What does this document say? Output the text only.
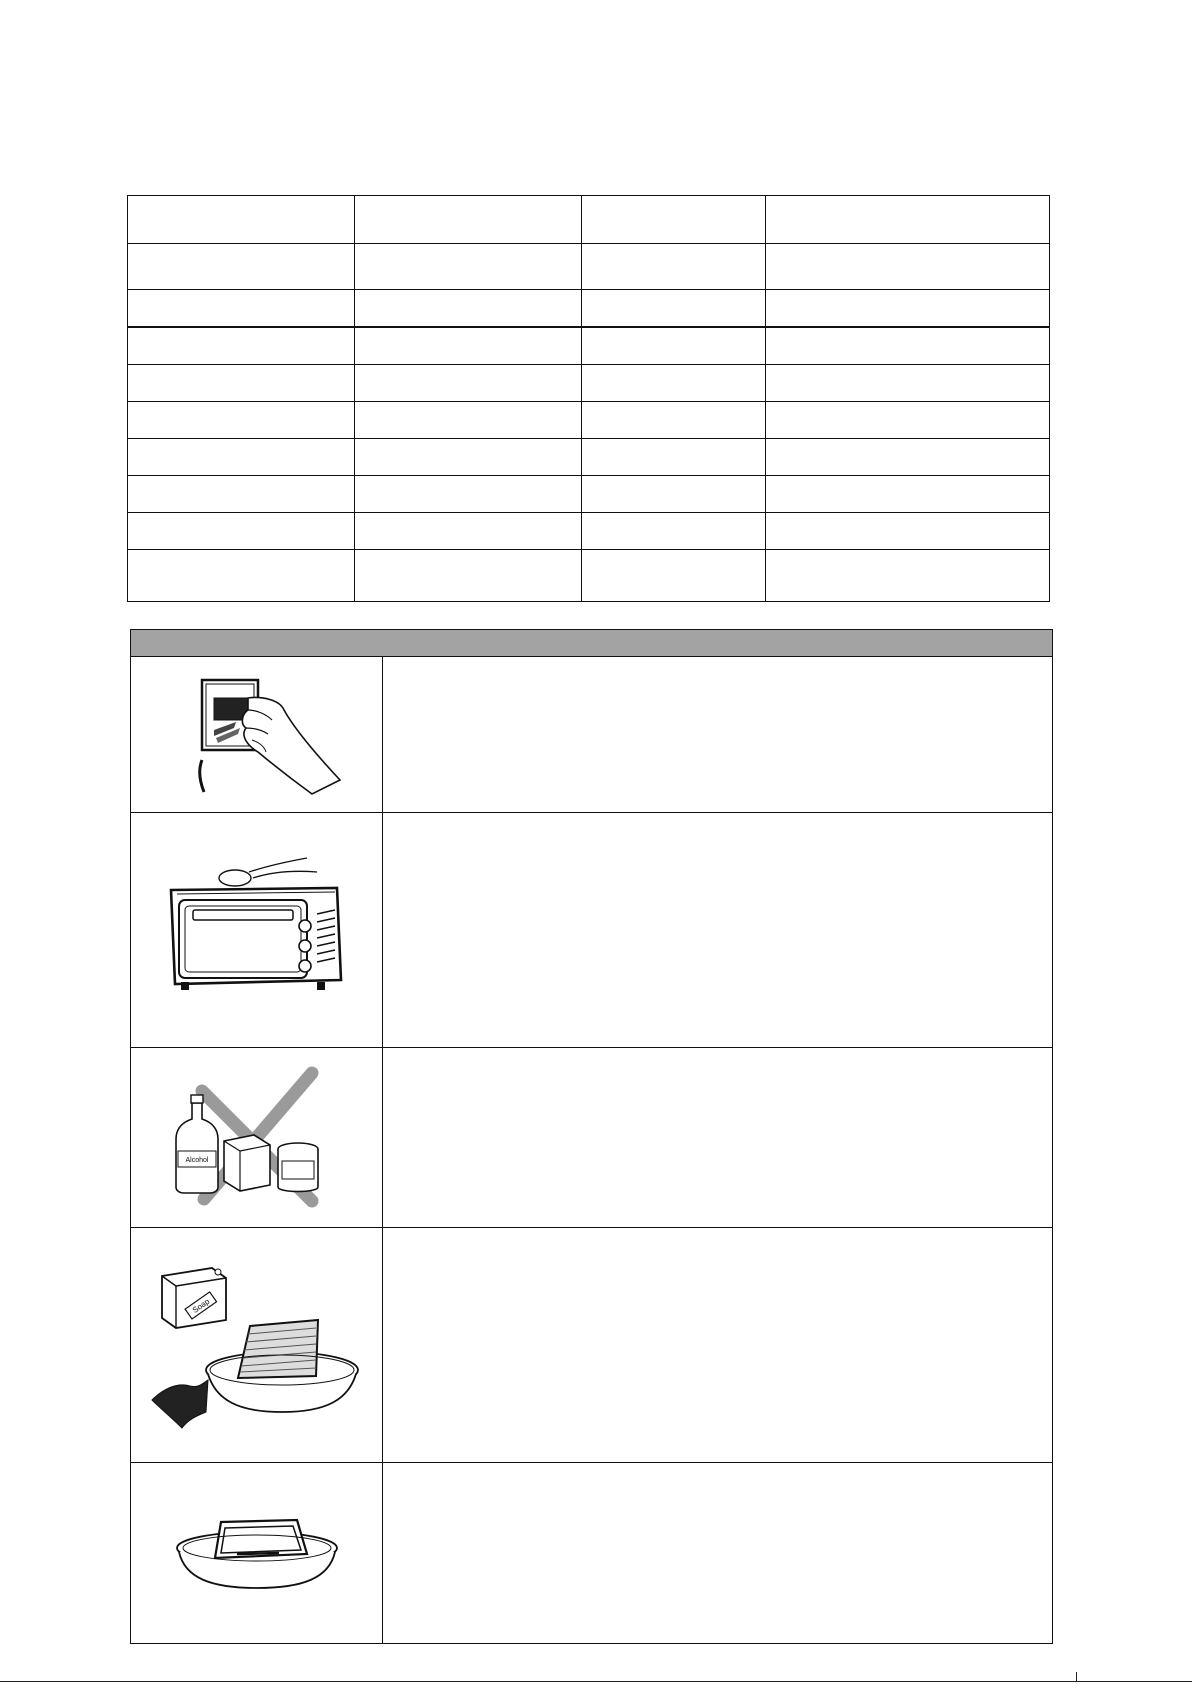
Alcohol	

Soap	
